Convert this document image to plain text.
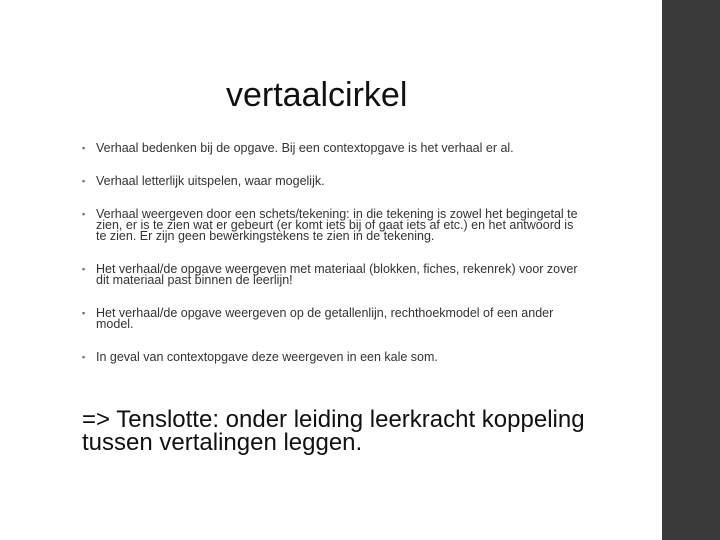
vertaalcirkel
▪ Verhaal bedenken bij de opgave. Bij een contextopgave is het verhaal er al.
▪ Verhaal letterlijk uitspelen, waar mogelijk.
▪ Verhaal weergeven door een schets/tekening: in die tekening is zowel het begingetal te zien, er is te zien wat er gebeurt (er komt iets bij of gaat iets af etc.) en het antwoord is te zien. Er zijn geen bewerkingstekens te zien in de tekening.
▪ Het verhaal/de opgave weergeven met materiaal (blokken, fiches, rekenrek) voor zover dit materiaal past binnen de leerlijn!
▪ Het verhaal/de opgave weergeven op de getallenlijn, rechthoekmodel of een ander model.
▪ In geval van contextopgave deze weergeven in een kale som.

=> Tenslotte: onder leiding leerkracht koppeling tussen vertalingen leggen.
